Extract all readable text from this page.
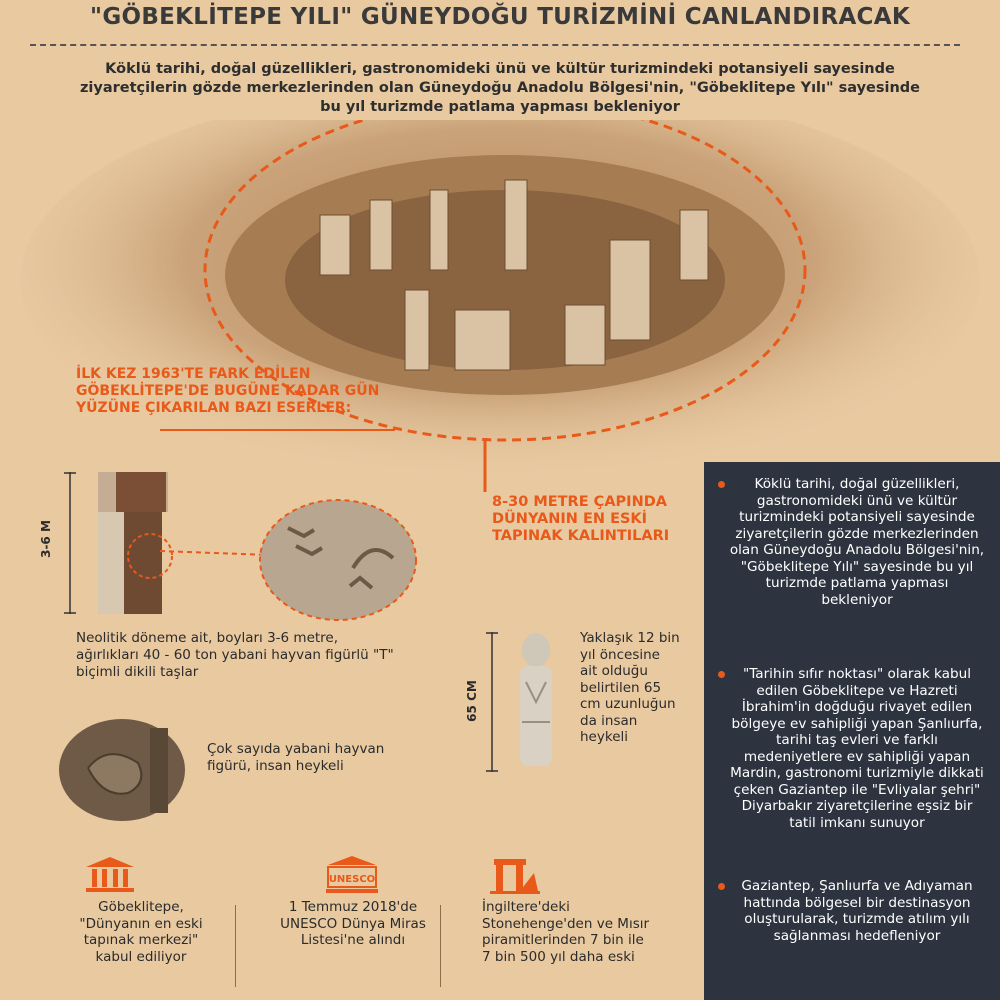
"GÖBEKLİTEPE YILI" GÜNEYDOĞU TURİZMİNİ CANLANDIRACAK
Köklü tarihi, doğal güzellikleri, gastronomideki ünü ve kültür turizmindeki potansiyeli sayesinde ziyaretçilerin gözde merkezlerinden olan Güneydoğu Anadolu Bölgesi'nin, "Göbeklitepe Yılı" sayesinde bu yıl turizmde patlama yapması bekleniyor
İLK KEZ 1963'TE FARK EDİLEN GÖBEKLİTEPE'DE BUGÜNE KADAR GÜN YÜZÜNE ÇIKARILAN BAZI ESERLER:
8-30 METRE ÇAPINDA DÜNYANIN EN ESKİ TAPINAK KALINTILARI
3-6 M
Neolitik döneme ait, boyları 3-6 metre, ağırlıkları 40 - 60 ton yabani hayvan figürlü "T" biçimli dikili taşlar
65 CM
Yaklaşık 12 bin yıl öncesine ait olduğu belirtilen 65 cm uzunluğun da insan heykeli
Çok sayıda yabani hayvan figürü, insan heykeli
Göbeklitepe, "Dünyanın en eski tapınak merkezi" kabul ediliyor
UNESCO
1 Temmuz 2018'de UNESCO Dünya Miras Listesi'ne alındı
İngiltere'deki Stonehenge'den ve Mısır piramitlerinden 7 bin ile 7 bin 500 yıl daha eski
Köklü tarihi, doğal güzellikleri, gastronomideki ünü ve kültür turizmindeki potansiyeli sayesinde ziyaretçilerin gözde merkezlerinden olan Güneydoğu Anadolu Bölgesi'nin, "Göbeklitepe Yılı" sayesinde bu yıl turizmde patlama yapması bekleniyor
"Tarihin sıfır noktası" olarak kabul edilen Göbeklitepe ve Hazreti İbrahim'in doğduğu rivayet edilen bölgeye ev sahipliği yapan Şanlıurfa, tarihi taş evleri ve farklı medeniyetlere ev sahipliği yapan Mardin, gastronomi turizmiyle dikkati çeken Gaziantep ile "Evliyalar şehri" Diyarbakır ziyaretçilerine eşsiz bir tatil imkanı sunuyor
Gaziantep, Şanlıurfa ve Adıyaman hattında bölgesel bir destinasyon oluşturularak, turizmde atılım yılı sağlanması hedefleniyor
